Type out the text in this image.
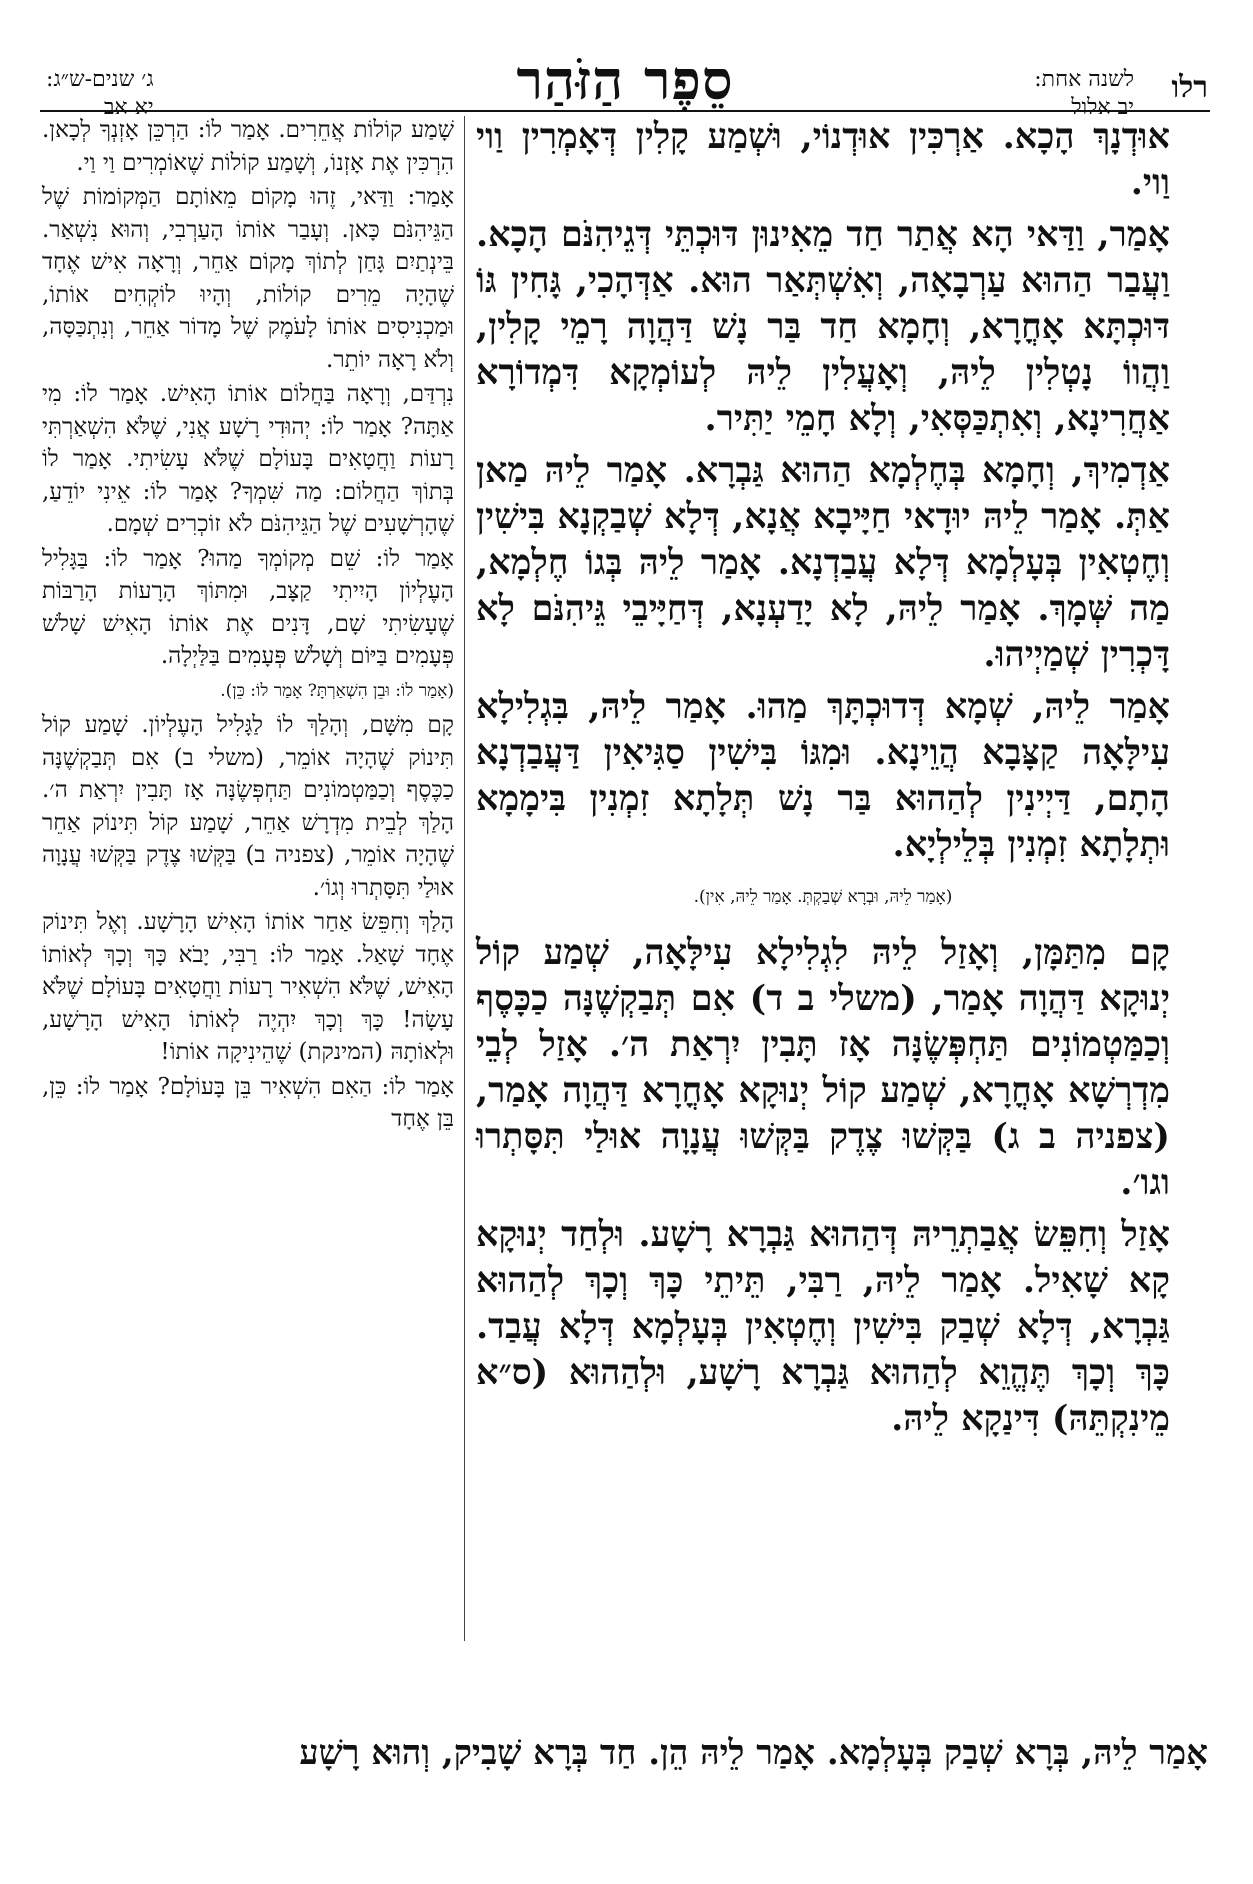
רלו
לשנה אחת:
יב אלול
סֵפֶר הַזֹּהַר
ג׳ שנים-ש״ג:
יא אב

אוּדְנָךְ הָכָא. אַרְכִּין אוּדְנוֹי, וּשְׁמַע קָלִין דְּאָמְרִין וַוי וַוי.

אָמַר, וַדַּאי הָא אֲתַר חַד מֵאִינוּן דּוּכְתֵּי דְּגֵיהִנֹּם הָכָא. וַעֲבַר הַהוּא עַרְבָאָה, וְאִשְׁתְּאַר הוּא. אַדְּהָכִי, גָּחִין גּוֹ דּוּכְתָּא אָחֳרָא, וְחָמָא חַד בַּר נָשׁ דַּהֲוָה רָמֵי קָלִין, וַהֲווֹ נָטְלִין לֵיהּ, וְאָעֲלִין לֵיהּ לְעוֹמְקָא דִּמְדוֹרָא אַחֲרִינָא, וְאִתְכַּסְּאִי, וְלָא חָמֵי יַתִּיר.

אַדְמִיךְ, וְחָמָא בְּחֶלְמָא הַהוּא גַּבְרָא. אָמַר לֵיהּ מַאן אַתְּ. אָמַר לֵיהּ יוּדָאי חַיָּיבָא אֲנָא, דְּלָא שְׁבַקְנָא בִּישִׁין וְחֶטְאִין בְּעָלְמָא דְּלָא עֲבַדְנָא. אָמַר לֵיהּ בְּגוֹ חֶלְמָא, מַה שְּׁמָךְ. אָמַר לֵיהּ, לָא יָדַעְנָא, דְּחַיָּיבֵי גֵּיהִנֹּם לָא דָּכְרִין שְׁמַיְיהוּ.

אָמַר לֵיהּ, שְׁמָא דְּדוּכְתָּךְ מַהוּ. אָמַר לֵיהּ, בִּגְלִילָא עִילָּאָה קַצָּבָא הֲוֵינָא. וּמִגּוֹ בִּישִׁין סַגִּיאִין דַּעֲבַדְנָא הָתָם, דַּיְינִין לְהַהוּא בַּר נָשׁ תְּלָתָא זִמְנִין בִּימָמָא וּתְלָתָא זִמְנִין בְּלֵילְיָא.

(אָמַר לֵיהּ, וּבְרָא שְׁבַקְתְּ. אָמַר לֵיהּ, אִין).

קָם מִתַּמָּן, וְאָזַל לֵיהּ לִגְלִילָא עִילָּאָה, שְׁמַע קוֹל יְנוּקָא דַּהֲוָה אָמַר, (משלי ב ד) אִם תְּבַקְשֶׁנָּה כַכָּסֶף וְכַמַּטְמוֹנִים תַּחְפְּשֶׂנָּה אָז תָּבִין יִרְאַת ה׳. אָזַל לְבֵי מִדְרְשָׁא אָחֳרָא, שְׁמַע קוֹל יְנוּקָא אָחֳרָא דַּהֲוָה אָמַר, (צפניה ב ג) בַּקְּשׁוּ צֶדֶק בַּקְּשׁוּ עֲנָוָה אוּלַי תִּסָּתְרוּ וגו׳.

אָזַל וְחִפֵּשׂ אֲבַתְרֵיהּ דְּהַהוּא גַּבְרָא רָשָׁע. וּלְחַד יְנוּקָא קָא שָׁאִיל. אָמַר לֵיהּ, רַבִּי, תֵּיתֵי כָּךְ וְכָךְ לְהַהוּא גַּבְרָא, דְּלָא שְׁבַק בִּישִׁין וְחֶטְאִין בְּעָלְמָא דְּלָא עֲבַד. כָּךְ וְכָךְ תֶּהֱוֵא לְהַהוּא גַּבְרָא רָשָׁע, וּלְהַהוּא (ס״א מֵינִקְתֵּהּ) דִּינַקָא לֵיהּ.

שָׁמַע קוֹלוֹת אֲחֵרִים. אָמַר לוֹ: הַרְכֵּן אָזְנְךָ לְכָאן. הִרְכִּין אֶת אָזְנוֹ, וְשָׁמַע קוֹלוֹת שֶׁאוֹמְרִים וַי וַי.

אָמַר: וַדַּאי, זֶהוּ מָקוֹם מֵאוֹתָם הַמְּקוֹמוֹת שֶׁל הַגֵּיהִנֹּם כָּאן. וְעָבַר אוֹתוֹ הָעַרְבִי, וְהוּא נִשְׁאַר. בֵּינְתַיִם גָּחַן לְתוֹךְ מָקוֹם אַחֵר, וְרָאָה אִישׁ אֶחָד שֶׁהָיָה מֵרִים קוֹלוֹת, וְהָיוּ לוֹקְחִים אוֹתוֹ, וּמַכְנִיסִים אוֹתוֹ לָעֹמֶק שֶׁל מָדוֹר אַחֵר, וְנִתְכַּסָּה, וְלֹא רָאָה יוֹתֵר.

נִרְדַּם, וְרָאָה בַּחֲלוֹם אוֹתוֹ הָאִישׁ. אָמַר לוֹ: מִי אַתָּה? אָמַר לוֹ: יְהוּדִי רָשָׁע אֲנִי, שֶׁלֹּא הִשְׁאַרְתִּי רָעוֹת וַחֲטָאִים בָּעוֹלָם שֶׁלֹּא עָשִׂיתִי. אָמַר לוֹ בְּתוֹךְ הַחֲלוֹם: מַה שִּׁמְךָ? אָמַר לוֹ: אֵינִי יוֹדֵעַ, שֶׁהָרְשָׁעִים שֶׁל הַגֵּיהִנֹּם לֹא זוֹכְרִים שְׁמָם.

אָמַר לוֹ: שֵׁם מְקוֹמְךָ מַהוּ? אָמַר לוֹ: בַּגָּלִיל הָעֶלְיוֹן הָיִיתִי קַצָּב, וּמִתּוֹךְ הָרָעוֹת הָרַבּוֹת שֶׁעָשִׂיתִי שָׁם, דָּנִים אֶת אוֹתוֹ הָאִישׁ שָׁלֹשׁ פְּעָמִים בַּיּוֹם וְשָׁלֹשׁ פְּעָמִים בַּלַּיְלָה.

(אָמַר לוֹ: וּבֵן הִשְׁאַרְתָּ? אָמַר לוֹ: כֵּן).

קָם מִשָּׁם, וְהָלַךְ לוֹ לַגָּלִיל הָעֶלְיוֹן. שָׁמַע קוֹל תִּינוֹק שֶׁהָיָה אוֹמֵר, (משלי ב) אִם תְּבַקְשֶׁנָּה כַכֶּסֶף וְכַמַּטְמוֹנִים תַּחְפְּשֶׂנָּה אָז תָּבִין יִרְאַת ה׳. הָלַךְ לְבֵית מִדְרָשׁ אַחֵר, שָׁמַע קוֹל תִּינוֹק אַחֵר שֶׁהָיָה אוֹמֵר, (צפניה ב) בַּקְּשׁוּ צֶדֶק בַּקְּשׁוּ עֲנָוָה אוּלַי תִּסָּתְרוּ וְגוֹ׳.

הָלַךְ וְחִפֵּשׂ אַחַר אוֹתוֹ הָאִישׁ הָרָשָׁע. וְאֶל תִּינוֹק אֶחָד שָׁאַל. אָמַר לוֹ: רַבִּי, יָבֹא כָּךְ וְכָךְ לְאוֹתוֹ הָאִישׁ, שֶׁלֹּא הִשְׁאִיר רָעוֹת וַחֲטָאִים בָּעוֹלָם שֶׁלֹּא עָשָׂה! כָּךְ וְכָךְ יִהְיֶה לְאוֹתוֹ הָאִישׁ הָרָשָׁע, וּלְאוֹתָהּ (המינקת) שֶׁהֵינִיקָה אוֹתוֹ!

אָמַר לוֹ: הַאִם הִשְׁאִיר בֵּן בָּעוֹלָם? אָמַר לוֹ: כֵּן, בֵּן אֶחָד

אָמַר לֵיהּ, בְּרָא שְׁבַק בְּעָלְמָא. אָמַר לֵיהּ הֵן. חַד בְּרָא שָׁבִיק, וְהוּא רָשָׁע
